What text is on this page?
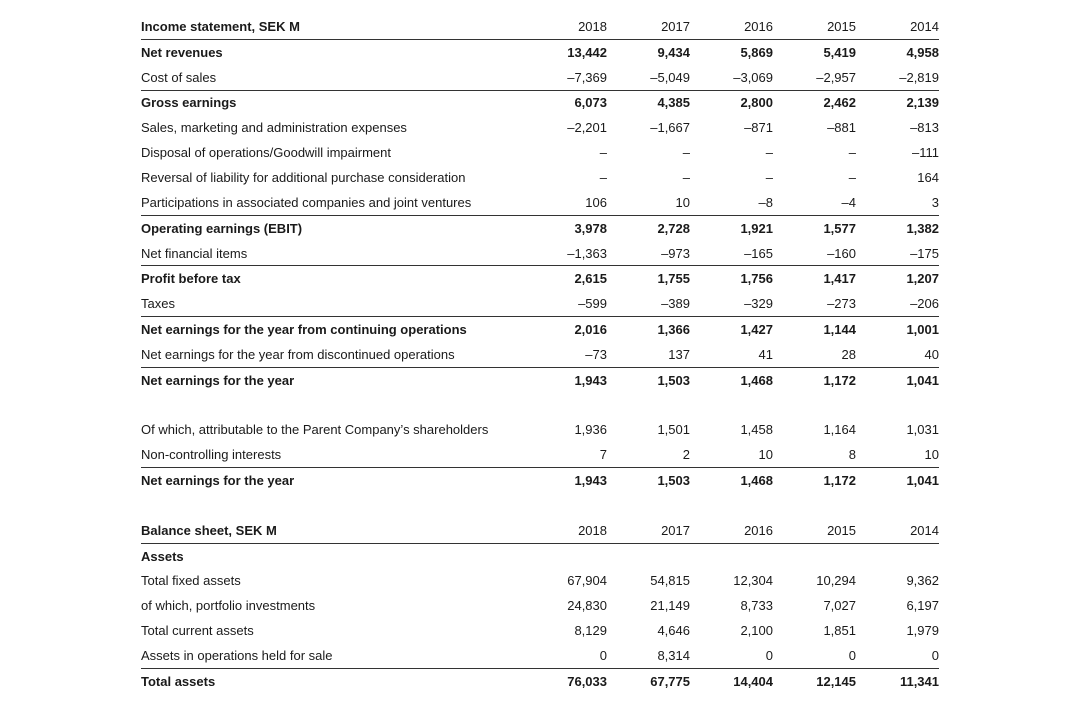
Income statement, SEK M	2018	2017	2016	2015	2014
Net revenues	13,442	9,434	5,869	5,419	4,958
Cost of sales	–7,369	–5,049	–3,069	–2,957	–2,819
Gross earnings	6,073	4,385	2,800	2,462	2,139
Sales, marketing and administration expenses	–2,201	–1,667	–871	–881	–813
Disposal of operations/Goodwill impairment	–	–	–	–	–111
Reversal of liability for additional purchase consideration	–	–	–	–	164
Participations in associated companies and joint ventures	106	10	–8	–4	3
Operating earnings (EBIT)	3,978	2,728	1,921	1,577	1,382
Net financial items	–1,363	–973	–165	–160	–175
Profit before tax	2,615	1,755	1,756	1,417	1,207
Taxes	–599	–389	–329	–273	–206
Net earnings for the year from continuing operations	2,016	1,366	1,427	1,144	1,001
Net earnings for the year from discontinued operations	–73	137	41	28	40
Net earnings for the year	1,943	1,503	1,468	1,172	1,041

Of which, attributable to the Parent Company’s shareholders	1,936	1,501	1,458	1,164	1,031
Non-controlling interests	7	2	10	8	10
Net earnings for the year	1,943	1,503	1,468	1,172	1,041

Balance sheet, SEK M	2018	2017	2016	2015	2014
Assets					
Total fixed assets	67,904	54,815	12,304	10,294	9,362
of which, portfolio investments	24,830	21,149	8,733	7,027	6,197
Total current assets	8,129	4,646	2,100	1,851	1,979
Assets in operations held for sale	0	8,314	0	0	0
Total assets	76,033	67,775	14,404	12,145	11,341
